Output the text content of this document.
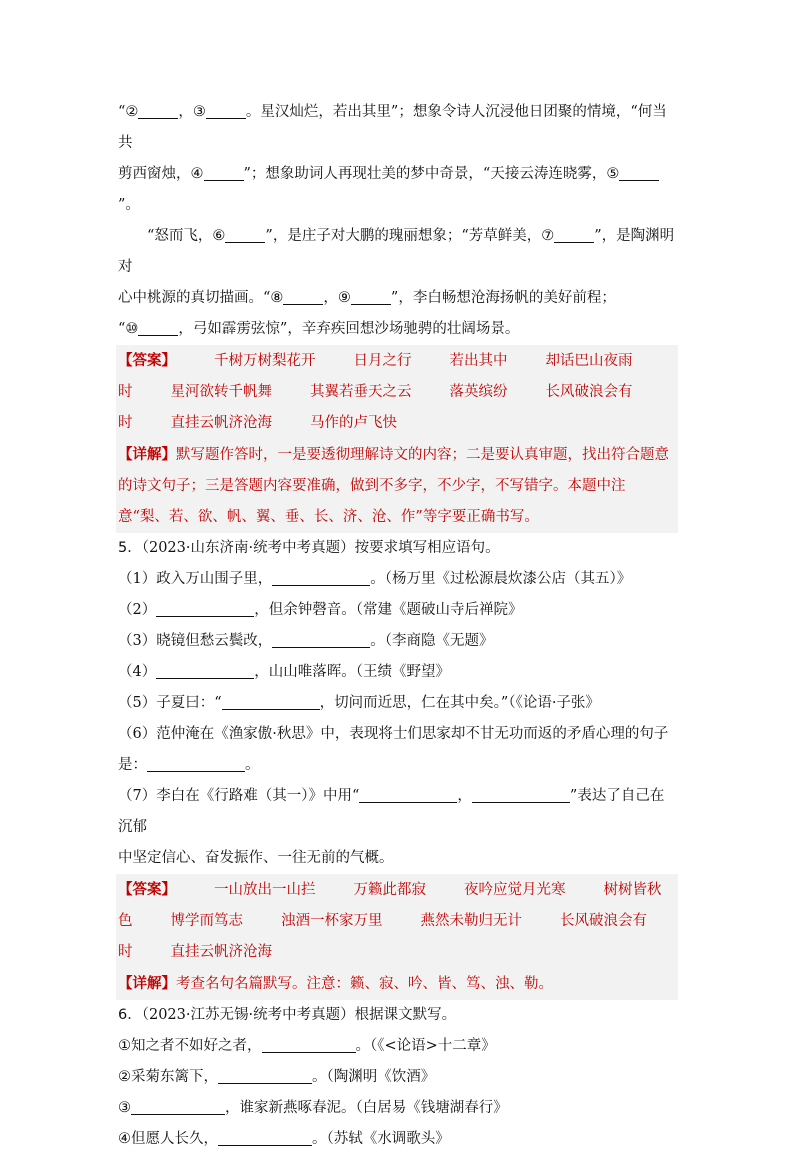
“②	，③	。星汉灿烂，若出其里”；想象令诗人沉浸他日团聚的情境，“何当共

剪西窗烛，④	”；想象助词人再现壮美的梦中奇景，“天接云涛连晓雾，⑤”。

“怒而飞，⑥	”，是庄子对大鹏的瑰丽想象；“芳草鲜美，⑦	”，是陶渊明对

心中桃源的真切描画。“⑧	，⑨	”，李白畅想沧海扬帆的美好前程；

“⑩	，弓如霹雳弦惊”，辛弃疾回想沙场驰骋的壮阔场景。

【答案】	千树万树梨花开	日月之行	若出其中	却话巴山夜雨时	星河欲转千帆舞	其翼若垂天之云	落英缤纷	长风破浪会有时	直挂云帆济沧海	马作的卢飞快

【详解】默写题作答时，一是要透彻理解诗文的内容；二是要认真审题，找出符合题意的诗文句子；三是答题内容要准确，做到不多字，不少字，不写错字。本题中注意“梨、若、欲、帆、翼、垂、长、济、沧、作”等字要正确书写。

5．（2023·山东济南·统考中考真题）按要求填写相应语句。

（1）政入万山围子里，	。（杨万里《过松源晨炊漆公店（其五）》

（2）	，但余钟磬音。（常建《题破山寺后禅院》

（3）晓镜但愁云鬓改，	。（李商隐《无题》

（4）	，山山唯落晖。（王绩《野望》

（5）子夏曰：“	，切问而近思，仁在其中矣。”（《论语·子张》

（6）范仲淹在《渔家傲·秋思》中，表现将士们思家却不甘无功而返的矛盾心理的句子
是：	。

（7）李白在《行路难（其一）》中用“	，	”表达了自己在沉郁
中坚定信心、奋发振作、一往无前的气概。

【答案】	一山放出一山拦	万籁此都寂	夜吟应觉月光寒	树树皆秋色	博学而笃志	浊酒一杯家万里	燕然未勒归无计	长风破浪会有时	直挂云帆济沧海

【详解】考查名句名篇默写。注意：籁、寂、吟、皆、笃、浊、勒。

6．（2023·江苏无锡·统考中考真题）根据课文默写。

①知之者不如好之者，	。（《<论语>十二章》

②采菊东篱下，	。（陶渊明《饮酒》

③	，谁家新燕啄春泥。（白居易《钱塘湖春行》

④但愿人长久，	。（苏轼《水调歌头》
